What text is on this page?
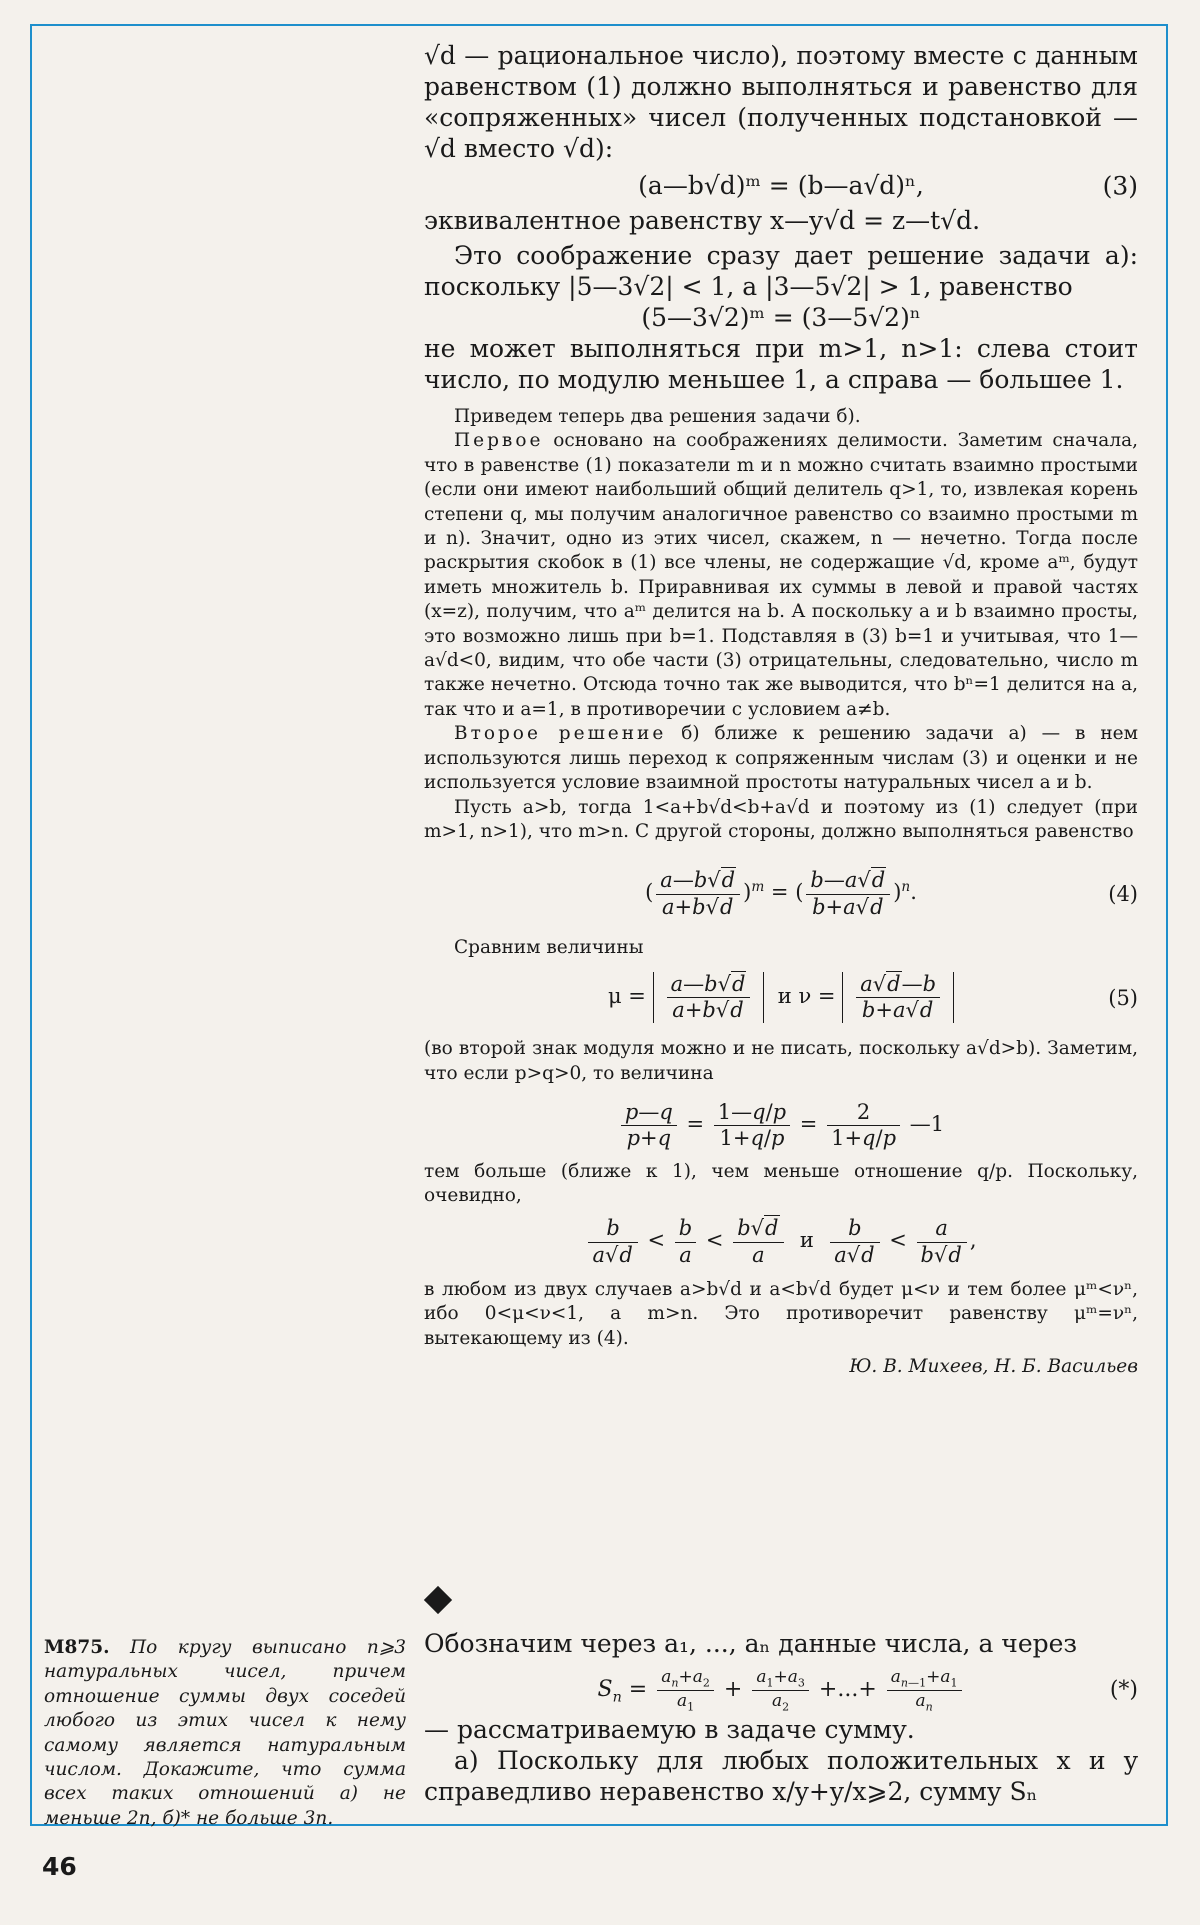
√d — рациональное число), поэтому вместе с данным равенством (1) должно выполняться и равенство для «сопряженных» чисел (полученных подстановкой —√d вместо √d):

(a—b√d)ᵐ = (b—a√d)ⁿ,	(3)

эквивалентное равенству x—y√d = z—t√d.

Это соображение сразу дает решение задачи а): поскольку |5—3√2| < 1, а |3—5√2| > 1, равенство

(5—3√2)ᵐ = (3—5√2)ⁿ

не может выполняться при m>1, n>1: слева стоит число, по модулю меньшее 1, а справа — большее 1.

Приведем теперь два решения задачи б).

Первое основано на соображениях делимости. Заметим сначала, что в равенстве (1) показатели m и n можно считать взаимно простыми (если они имеют наибольший общий делитель q>1, то, извлекая корень степени q, мы получим аналогичное равенство со взаимно простыми m и n). Значит, одно из этих чисел, скажем, n — нечетно. Тогда после раскрытия скобок в (1) все члены, не содержащие √d, кроме aᵐ, будут иметь множитель b. Приравнивая их суммы в левой и правой частях (x=z), получим, что aᵐ делится на b. А поскольку a и b взаимно просты, это возможно лишь при b=1. Подставляя в (3) b=1 и учитывая, что 1—a√d<0, видим, что обе части (3) отрицательны, следовательно, число m также нечетно. Отсюда точно так же выводится, что bⁿ=1 делится на a, так что и a=1, в противоречии с условием a≠b.

Второе решение б) ближе к решению задачи а) — в нем используются лишь переход к сопряженным числам (3) и оценки и не используется условие взаимной простоты натуральных чисел a и b.

Пусть a>b, тогда 1<a+b√d<b+a√d и поэтому из (1) следует (при m>1, n>1), что m>n. С другой стороны, должно выполняться равенство

( $\frac{a—b√d}{a+b√d} )^m$ = ( $\frac{b—a√d}{b+a√d} )^n$.	(4)

Сравним величины

$\mu = \frac{a—b√d}{a+b√d}$ и $\nu = \frac{a√d—b}{b+a√d}$	(5)

(во второй знак модуля можно и не писать, поскольку a√d>b). Заметим, что если p>q>0, то величина

$\frac{p—q}{p+q} = \frac{1—q/p}{1+q/p} = \frac{2}{1+q/p}$ —1

тем больше (ближе к 1), чем меньше отношение q/p. Поскольку, очевидно,

$\frac{b}{a√d} < \frac{b}{a} < \frac{b√d}{a}$ и $\frac{b}{a√d} < \frac{a}{b√d}$ ,

в любом из двух случаев a>b√d и a<b√d будет μ<ν и тем более μᵐ<νⁿ, ибо 0<μ<ν<1, а m>n. Это противоречит равенству μᵐ=νⁿ, вытекающему из (4).

Ю. В. Михеев, Н. Б. Васильев

М875. По кругу выписано n⩾3 натуральных чисел, причем отношение суммы двух соседей любого из этих чисел к нему самому является натуральным числом. Докажите, что сумма всех таких отношений а) не меньше 2n, б)* не больше 3n.

Обозначим через a₁, ..., aₙ данные числа, а через

$S_n = \frac{a_n+a_2}{a_1} + \frac{a_1+a_3}{a_2}$ +...+ $\frac{a_{n—1}+a_1}{a_n}$	(*)

— рассматриваемую в задаче сумму.

а) Поскольку для любых положительных x и y справедливо неравенство x/y+y/x⩾2, сумму Sₙ

46
